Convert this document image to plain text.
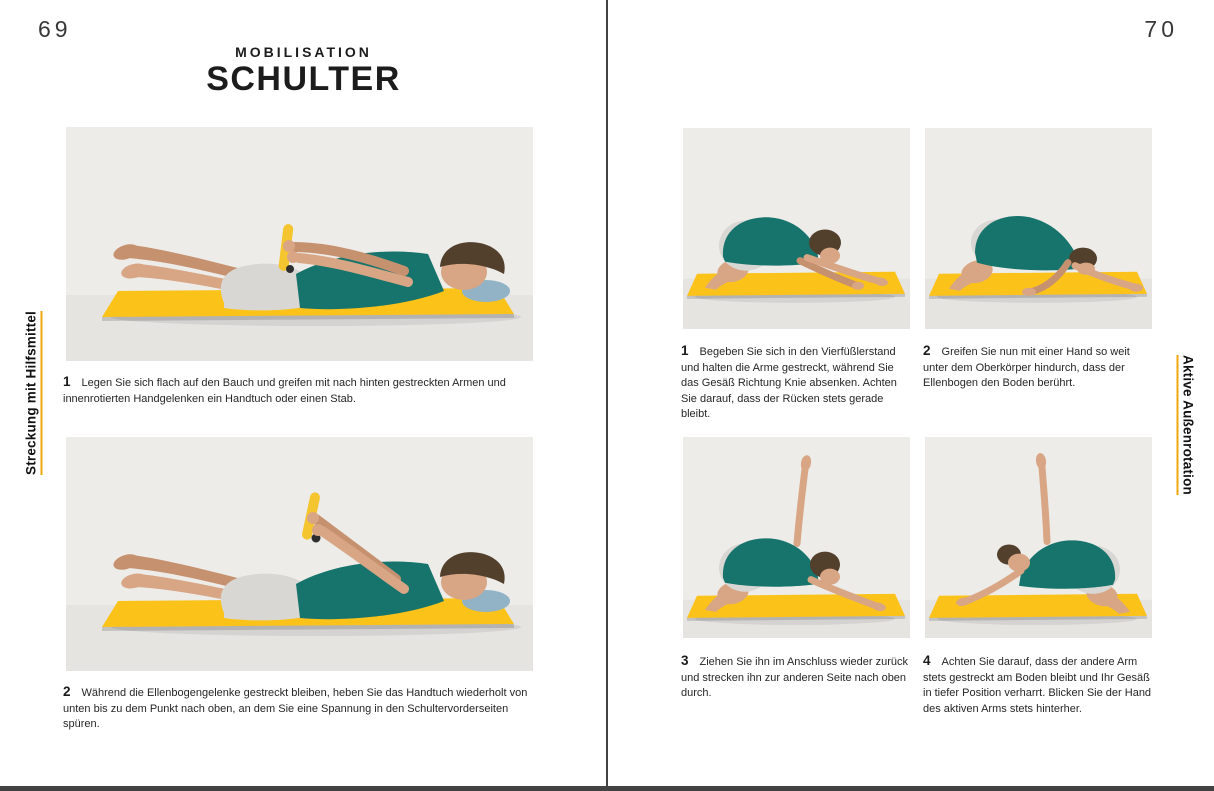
69
MOBILISATION
SCHULTER

1 Legen Sie sich flach auf den Bauch und greifen mit nach hinten gestreckten Armen und innenrotierten Handgelenken ein Handtuch oder einen Stab.

2 Während die Ellenbogengelenke gestreckt bleiben, heben Sie das Handtuch wiederholt von unten bis zu dem Punkt nach oben, an dem Sie eine Spannung in den Schultervorderseiten spüren.

Streckung mit Hilfsmittel
70

1 Begeben Sie sich in den Vierfüßlerstand und halten die Arme gestreckt, während Sie das Gesäß Richtung Knie absenken. Achten Sie darauf, dass der Rücken stets gerade bleibt.

2 Greifen Sie nun mit einer Hand so weit unter dem Oberkörper hindurch, dass der Ellenbogen den Boden berührt.

3 Ziehen Sie ihn im Anschluss wieder zurück und strecken ihn zur anderen Seite nach oben durch.

4 Achten Sie darauf, dass der andere Arm stets gestreckt am Boden bleibt und Ihr Gesäß in tiefer Position verharrt. Blicken Sie der Hand des aktiven Arms stets hinterher.

Aktive Außenrotation
